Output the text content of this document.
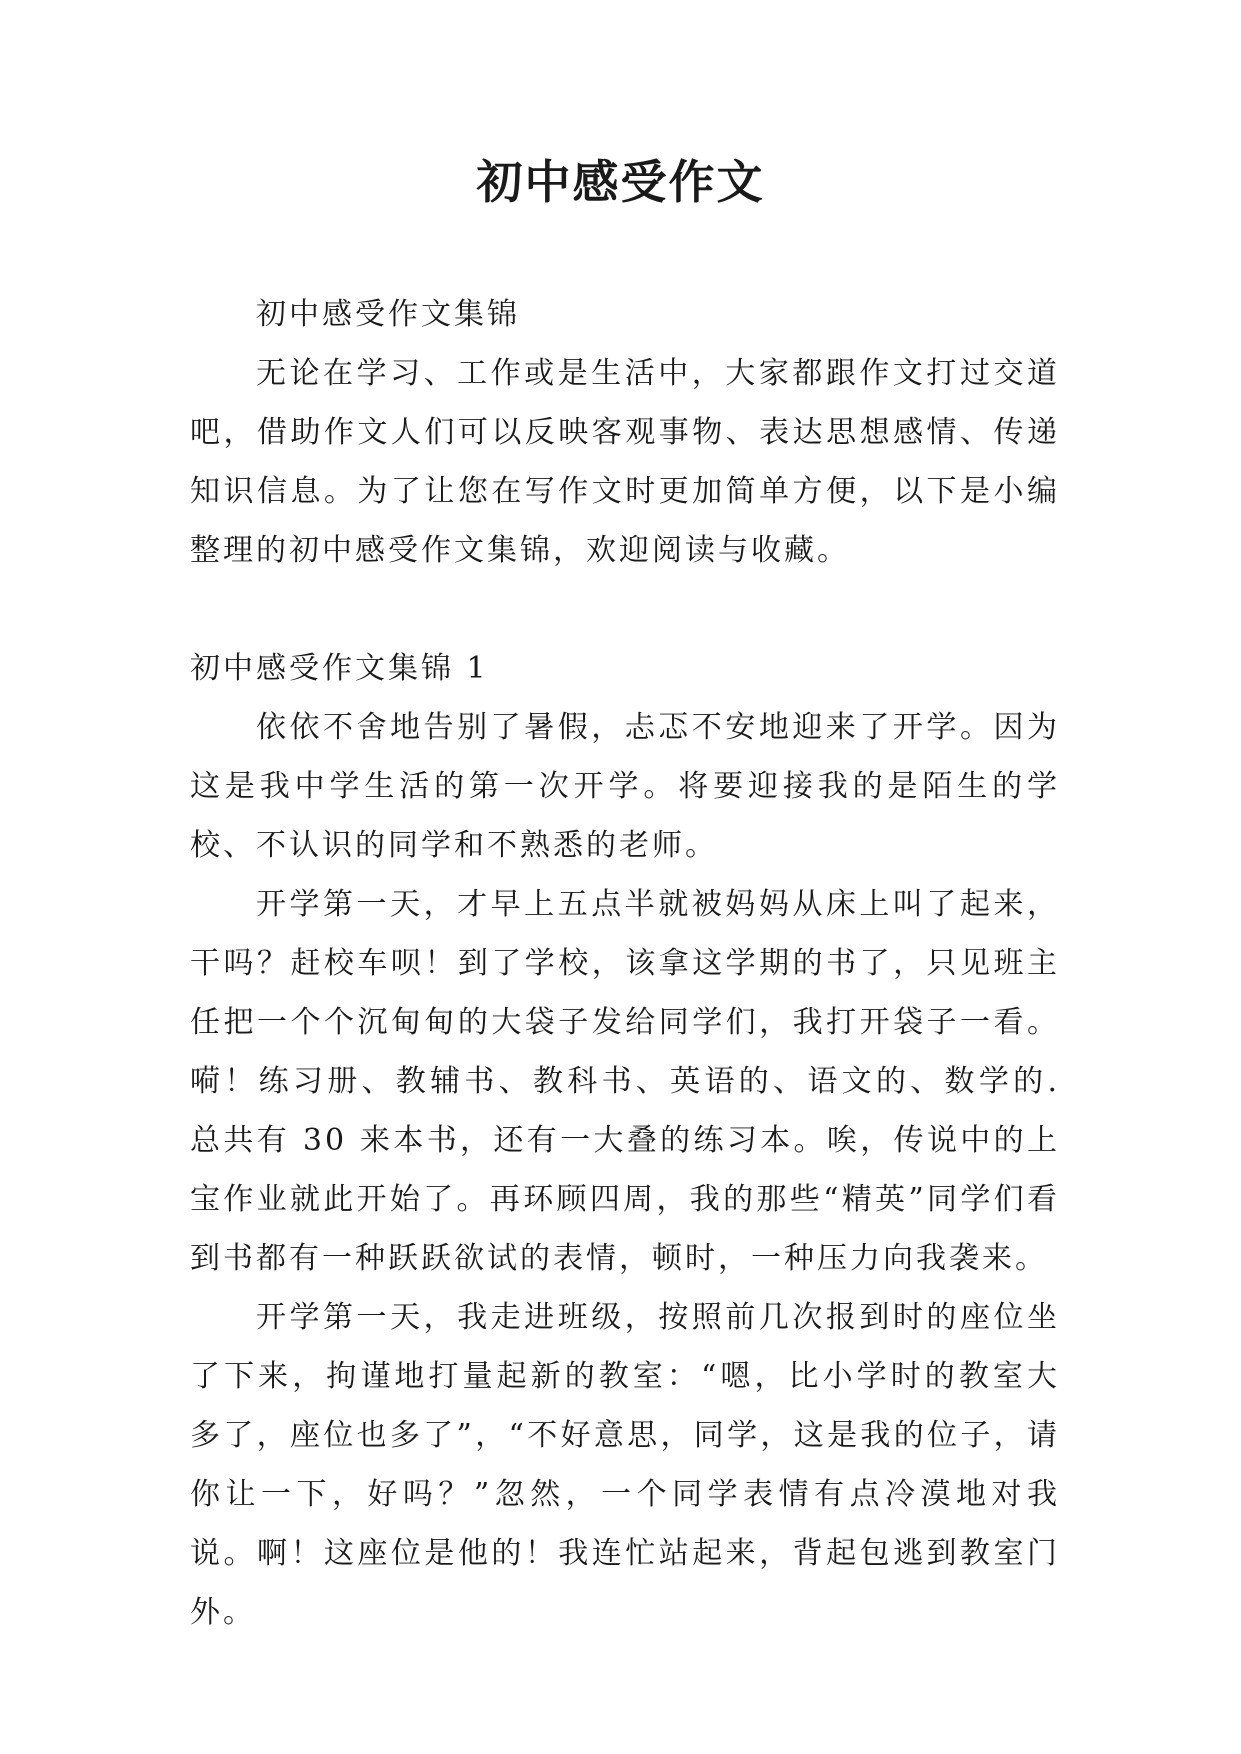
初中感受作文

初中感受作文集锦

无论在学习、工作或是生活中，大家都跟作文打过交道吧，借助作文人们可以反映客观事物、表达思想感情、传递知识信息。为了让您在写作文时更加简单方便，以下是小编整理的初中感受作文集锦，欢迎阅读与收藏。

初中感受作文集锦 1

依依不舍地告别了暑假，忐忑不安地迎来了开学。因为这是我中学生活的第一次开学。将要迎接我的是陌生的学校、不认识的同学和不熟悉的老师。

开学第一天，才早上五点半就被妈妈从床上叫了起来，干吗？赶校车呗！到了学校，该拿这学期的书了，只见班主任把一个个沉甸甸的大袋子发给同学们，我打开袋子一看。嗬！练习册、教辅书、教科书、英语的、语文的、数学的.总共有 30 来本书，还有一大叠的练习本。唉，传说中的上宝作业就此开始了。再环顾四周，我的那些“精英”同学们看到书都有一种跃跃欲试的表情，顿时，一种压力向我袭来。

开学第一天，我走进班级，按照前几次报到时的座位坐了下来，拘谨地打量起新的教室：“嗯，比小学时的教室大多了，座位也多了”，“不好意思，同学，这是我的位子，请你让一下，好吗？”忽然，一个同学表情有点冷漠地对我说。啊！这座位是他的！我连忙站起来，背起包逃到教室门外。
